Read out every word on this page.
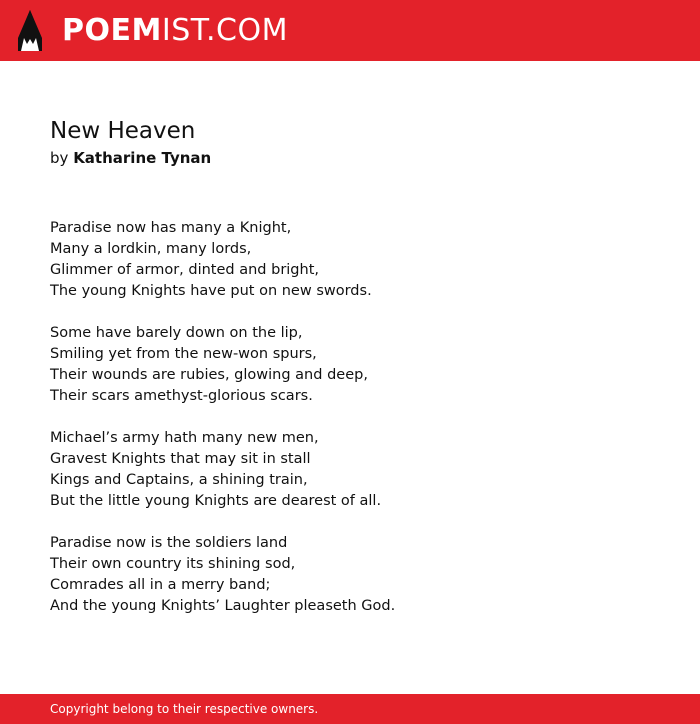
POEMIST.COM
New Heaven
by Katharine Tynan
Paradise now has many a Knight,
Many a lordkin, many lords,
Glimmer of armor, dinted and bright,
The young Knights have put on new swords.
Some have barely down on the lip,
Smiling yet from the new-won spurs,
Their wounds are rubies, glowing and deep,
Their scars amethyst-glorious scars.
Michael’s army hath many new men,
Gravest Knights that may sit in stall
Kings and Captains, a shining train,
But the little young Knights are dearest of all.
Paradise now is the soldiers land
Their own country its shining sod,
Comrades all in a merry band;
And the young Knights’ Laughter pleaseth God.
Copyright belong to their respective owners.
